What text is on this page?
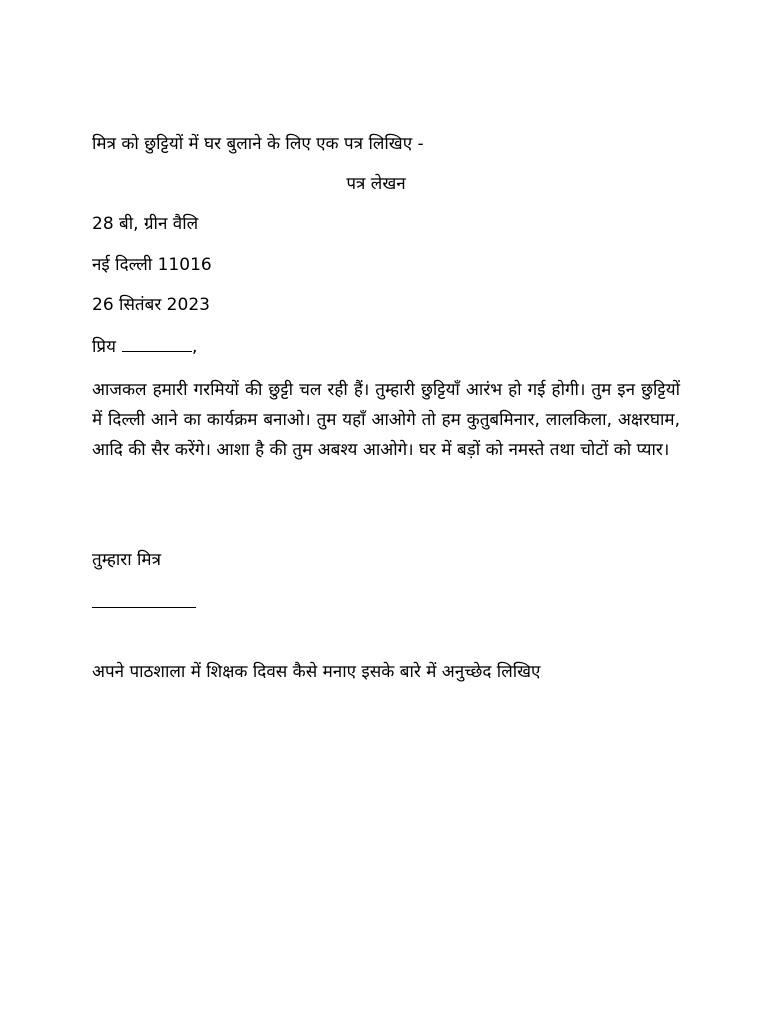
मित्र को छुट्टियों में घर बुलाने के लिए एक पत्र लिखिए -
पत्र लेखन
28 बी, ग्रीन वैलि
नई दिल्ली 11016
26 सितंबर 2023
प्रिय	,
आजकल हमारी गरमियों की छुट्टी चल रही हैं। तुम्हारी छुट्टियाँ आरंभ हो गई होगी। तुम इन छुट्टियों में दिल्ली आने का कार्यक्रम बनाओ। तुम यहाँ आओगे तो हम कुतुबमिनार, लालकिला, अक्षरघाम, आदि की सैर करेंगे। आशा है की तुम अबश्य आओगे। घर में बड़ों को नमस्ते तथा चोटों को प्यार।
तुम्हारा मित्र
अपने पाठशाला में शिक्षक दिवस कैसे मनाए इसके बारे में अनुच्छेद लिखिए
